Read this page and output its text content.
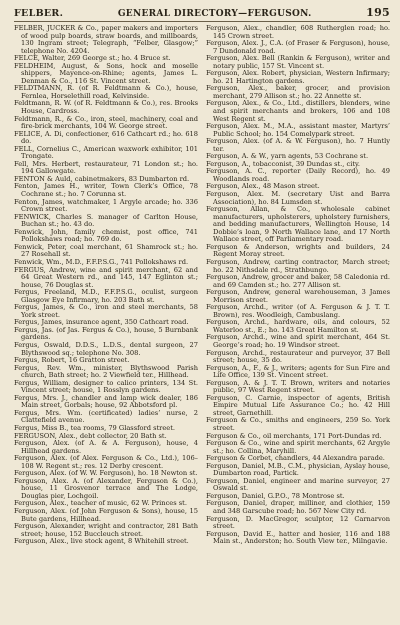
FELBER.	GENERAL DIRECTORY—FERGUSON.	195

FELBER, JUCKER & Co., paper makers and importers of wood pulp boards, straw boards, and millboards, 130 Ingram street; Telegraph, “Felber, Glasgow;” telephone No. 4204.

FELCE, Walter, 269 George st.; ho. 4 Bruce st.

FELDHEIM, August, & Sons, hock and moselle shippers, Mayence-on-Rhine; agents, James L. Denman & Co., 116 St. Vincent street.

FELDTMANN, R. (of R. Feldtmann & Co.), house, Fernlea, Horselethill road, Kelvinside.

Feldtmann, R. W. (of R. Feldtmann & Co.), res. Brooks House, Cardross.

Feldtmann, R., & Co., iron, steel, machinery, coal and fire-brick merchants, 104 W. George street.

FELICE, A. Di, confectioner, 616 Cathcart rd.; ho. 618 do.

FELL, Cornelius C., American waxwork exhibitor, 101 Trongate.

Fell, Mrs. Herbert, restaurateur, 71 London st.; ho. 194 Gallowgate.

FENTON & Auld, cabinetmakers, 83 Dumbarton rd.

Fenton, James H., writer, Town Clerk’s Office, 78 Cochrane st.; ho. 7 Corunna st.

Fenton, James, watchmaker, 1 Argyle arcade; ho. 336 Crown street.

FENWICK, Charles S. manager of Carlton House, Buchan st.; ho. 43 do.

Fenwick, John, family chemist, post office, 741 Pollokshaws road; ho. 769 do.

Fenwick, Peter, coal merchant, 61 Shamrock st.; ho. 27 Rosehall st.

Fenwick, Wm., M.D., F.F.P.S.G., 741 Pollokshaws rd.

FERGUS, Andrew, wine and spirit merchant, 62 and 64 Great Western rd., and 145, 147 Eglinton st.; house, 76 Douglas st.

Fergus, Freeland, M.D., F.F.P.S.G., oculist, surgeon Glasgow Eye Infirmary, ho. 203 Bath st.

Fergus, James, & Co., iron and steel merchants, 58 York street.

Fergus, James, insurance agent, 350 Cathcart road.

Fergus, Jas. (of Jas. Fergus & Co.), house, 5 Burnbank gardens.

Fergus, Oswald, D.D.S., L.D.S., dental surgeon, 27 Blythswood sq.; telephone No. 308.

Fergus, Robert, 16 Gratton street.

Fergus, Rev. Wm., minister, Blythswood Parish church, Bath street; ho. 2 Viewfield ter., Hillhead.

Fergus, William, designer to calico printers, 134 St. Vincent street; house, 1 Rosslyn gardens.

Fergus, Mrs. J., chandler and lamp wick dealer, 186 Main street, Gorbals; house, 92 Abbotsford pl.

Fergus, Mrs. Wm. (certificated) ladies’ nurse, 2 Clattefield avenue.

Fergus, Miss B., tea rooms, 79 Glassford street.

FERGUSON, Alex., debt collector, 20 Bath st.

Ferguson, Alex. (of A. & A. Ferguson), house, 4 Hillhead gardens.

Ferguson, Alex. (of Alex. Ferguson & Co., Ltd.), 106–108 W. Regent st.; res. 12 Derby crescent.

Ferguson, Alex. (of W. W. Ferguson), ho. 18 Newton st.

Ferguson, Alex. A. (of Alexander, Ferguson & Co.), house, 11 Grosvenor terrace and The Lodge, Douglas pier, Lochgoil.

Ferguson, Alex., teacher of music, 62 W. Princes st.

Ferguson, Alex. (of John Ferguson & Sons), house, 15 Bute gardens, Hillhead.

Ferguson, Alexander, wright and contractor, 281 Bath street; house, 152 Buccleuch street.

Ferguson, Alex., live stock agent, 8 Whitehill street.

Ferguson, Alex., chandler, 608 Rutherglen road; ho. 145 Crown street.

Ferguson, Alex. J., C.A. (of Fraser & Ferguson), house, 7 Dundonald road.

Ferguson, Alex. Bell (Rankin & Ferguson), writer and notary public, 157 St. Vincent st.

Ferguson, Alex. Robert, physician, Western Infirmary; ho. 21 Hartington gardens.

Ferguson, Alex., baker, grocer, and provision merchant, 279 Allison st.; ho. 22 Annette st.

Ferguson, Alex., & Co., Ltd., distillers, blenders, wine and spirit merchants and brokers, 106 and 108 West Regent st.

Ferguson, Alex. M., M.A., assistant master, Martyrs’ Public School; ho. 154 Comelypark street.

Ferguson, Alex. (of A. & W. Ferguson), ho. 7 Huntly ter.

Ferguson, A. & W., yarn agents, 53 Cochrane st.

Ferguson, A., tobacconist, 39 Dundas st., city.

Ferguson, A. C., reporter (Daily Record), ho. 49 Woodlands road.

Ferguson, Alex., 48 Mason street.

Ferguson, Alex. M. (secretary Uist and Barra Association), ho. 84 Lumsden st.

Ferguson, Allan, & Co., wholesale cabinet manufacturers, upholsterers, upholstery furnishers, and bedding manufacturers, Wellington House, 14 Dobbie’s loan, 9 North Wallace lane, and 17 North Wallace street, off Parliamentary road.

Ferguson & Anderson, wrights and builders, 24 Regent Moray street.

Ferguson, Andrew, carting contractor, March street; ho. 22 Nithsdale rd., Strathbungo.

Ferguson, Andrew, grocer and baker, 58 Caledonia rd. and 69 Camden st.; ho. 277 Allison st.

Ferguson, Andrew, general warehouseman, 3 James Morrison street.

Ferguson, Archd., writer (of A. Ferguson & J. T. T. Brown), res. Woodleigh, Cambuslang.

Ferguson, Archd., hardware, oils, and colours, 52 Waterloo st., E.; ho. 143 Great Hamilton st.

Ferguson, Archd., wine and spirit merchant, 464 St. George’s road; ho. 19 Windsor street.

Ferguson, Archd., restaurateur and purveyor, 37 Bell street; house, 35 do.

Ferguson, A., F., & J., writers; agents for Sun Fire and Life Office, 139 St. Vincent street.

Ferguson, A. & J. T. T. Brown, writers and notaries public, 97 West Regent street.

Ferguson, C. Carnie, inspector of agents, British Empire Mutual Life Assurance Co.; ho. 42 Hill street, Garnethill.

Ferguson & Co., smiths and engineers, 259 So. York street.

Ferguson & Co., oil merchants, 171 Port-Dundas rd.

Ferguson & Co., wine and spirit merchants, 62 Argyle st.; ho. Collina, Maryhill.

Ferguson & Corbet, chandlers, 44 Alexandra parade.

Ferguson, Daniel, M.B., C.M., physician, Ayslay house, Dumbarton road, Partick.

Ferguson, Daniel, engineer and marine surveyor, 27 Oswald st.

Ferguson, Daniel, G.P.O., 78 Montrose st.

Ferguson, Daniel, draper, milliner, and clothier, 159 and 348 Garscube road; ho. 567 New City rd.

Ferguson, D. MacGregor, sculptor, 12 Carnarvon street.

Ferguson, David E., hatter and hosier, 116 and 188 Main st., Anderston; ho. South View ter., Milngavie.
